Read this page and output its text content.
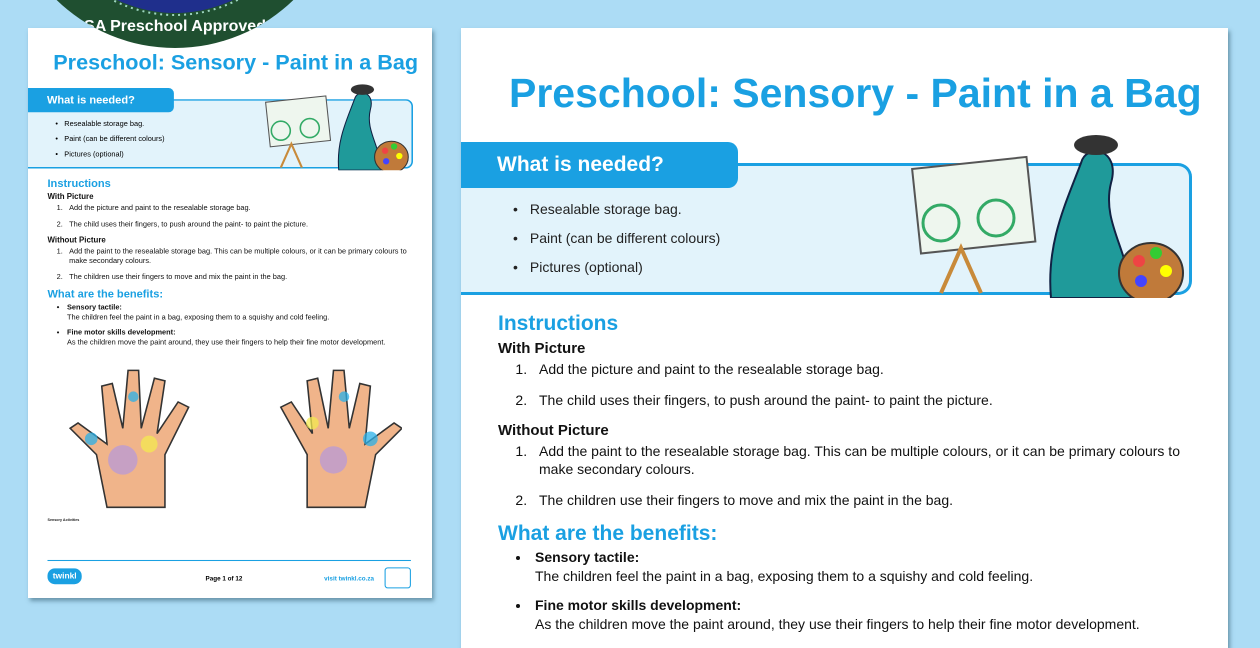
Preschool: Sensory - Paint in a Bag
What is needed?
• Resealable storage bag.
• Paint (can be different colours)
• Pictures (optional)
Instructions
With Picture
1. Add the picture and paint to the resealable storage bag.
2. The child uses their fingers, to push around the paint- to paint the picture.
Without Picture
1. Add the paint to the resealable storage bag. This can be multiple colours, or it can be primary colours to make secondary colours.
2. The children use their fingers to move and mix the paint in the bag.
What are the benefits:
• Sensory tactile:
The children feel the paint in a bag, exposing them to a squishy and cold feeling.
• Fine motor skills development:
As the children move the paint around, they use their fingers to help their fine motor development.
Sensory Activities
twinkl	Page 1 of 12	visit twinkl.co.za
Preschool: Sensory - Paint in a Bag
What is needed?
• Resealable storage bag.
• Paint (can be different colours)
• Pictures (optional)
Instructions
With Picture
1. Add the picture and paint to the resealable storage bag.
2. The child uses their fingers, to push around the paint- to paint the picture.
Without Picture
1. Add the paint to the resealable storage bag. This can be multiple colours, or it can be primary colours to make secondary colours.
2. The children use their fingers to move and mix the paint in the bag.
What are the benefits:
• Sensory tactile:
The children feel the paint in a bag, exposing them to a squishy and cold feeling.
• Fine motor skills development:
As the children move the paint around, they use their fingers to help their fine motor development.
SA Preschool Approved
